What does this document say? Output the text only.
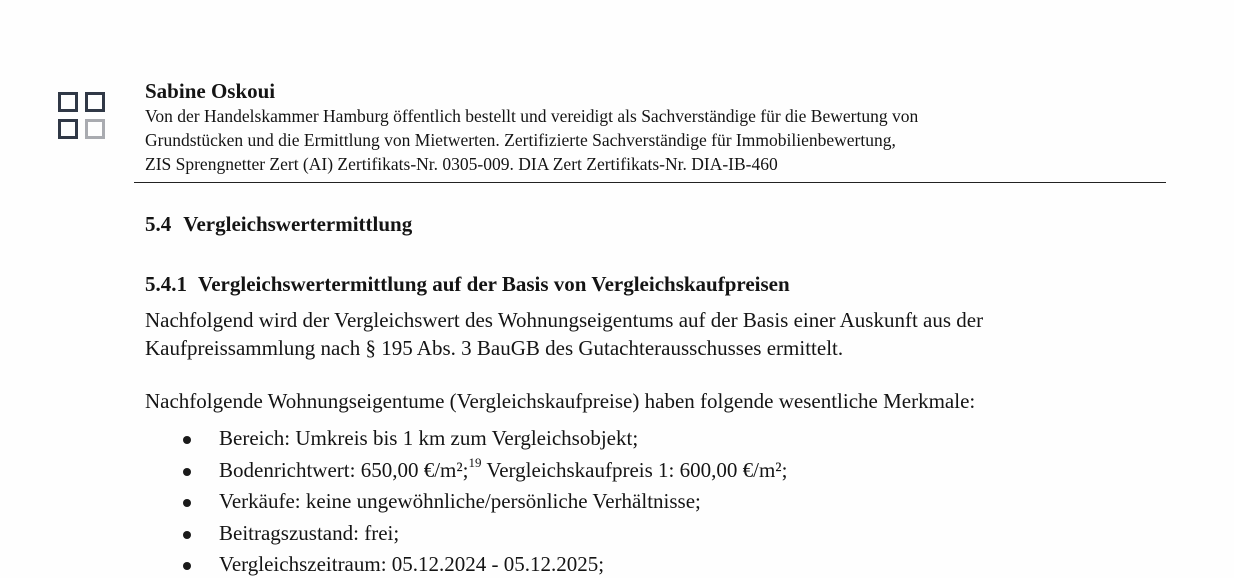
Sabine Oskoui

Von der Handelskammer Hamburg öffentlich bestellt und vereidigt als Sachverständige für die Bewertung von
Grundstücken und die Ermittlung von Mietwerten. Zertifizierte Sachverständige für Immobilienbewertung,
ZIS Sprengnetter Zert (AI) Zertifikats-Nr. 0305-009. DIA Zert Zertifikats-Nr. DIA-IB-460

5.4 Vergleichswertermittlung
5.4.1 Vergleichswertermittlung auf der Basis von Vergleichskaufpreisen

Nachfolgend wird der Vergleichswert des Wohnungseigentums auf der Basis einer Auskunft aus der
Kaufpreissammlung nach § 195 Abs. 3 BauGB des Gutachterausschusses ermittelt.

Nachfolgende Wohnungseigentume (Vergleichskaufpreise) haben folgende wesentliche Merkmale:

Bereich: Umkreis bis 1 km zum Vergleichsobjekt;
Bodenrichtwert: 650,00 €/m²;$^{19}$ Vergleichskaufpreis 1: 600,00 €/m²;
Verkäufe: keine ungewöhnliche/persönliche Verhältnisse;
Beitragszustand: frei;
Vergleichszeitraum: 05.12.2024 - 05.12.2025;
